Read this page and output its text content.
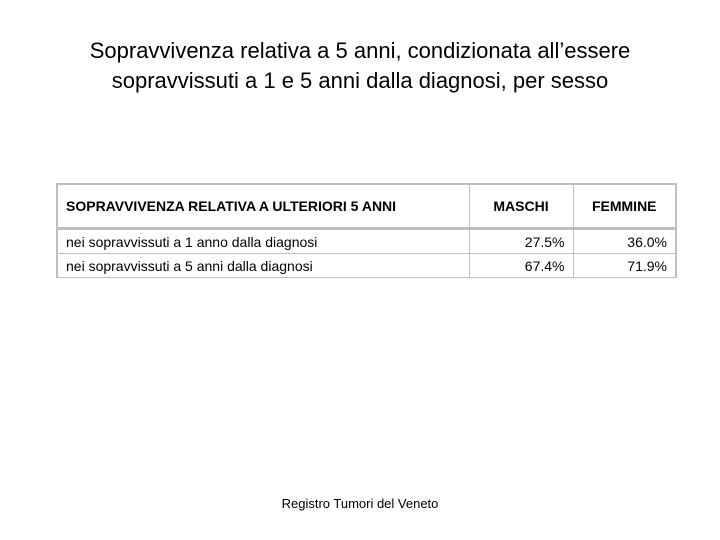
Sopravvivenza relativa a 5 anni, condizionata all’essere
sopravvissuti a 1 e 5 anni dalla diagnosi, per sesso
SOPRAVVIVENZA RELATIVA A ULTERIORI 5 ANNI	MASCHI	FEMMINE
nei sopravvissuti a 1 anno dalla diagnosi	27.5%	36.0%
nei sopravvissuti a 5 anni dalla diagnosi	67.4%	71.9%
Registro Tumori del Veneto
